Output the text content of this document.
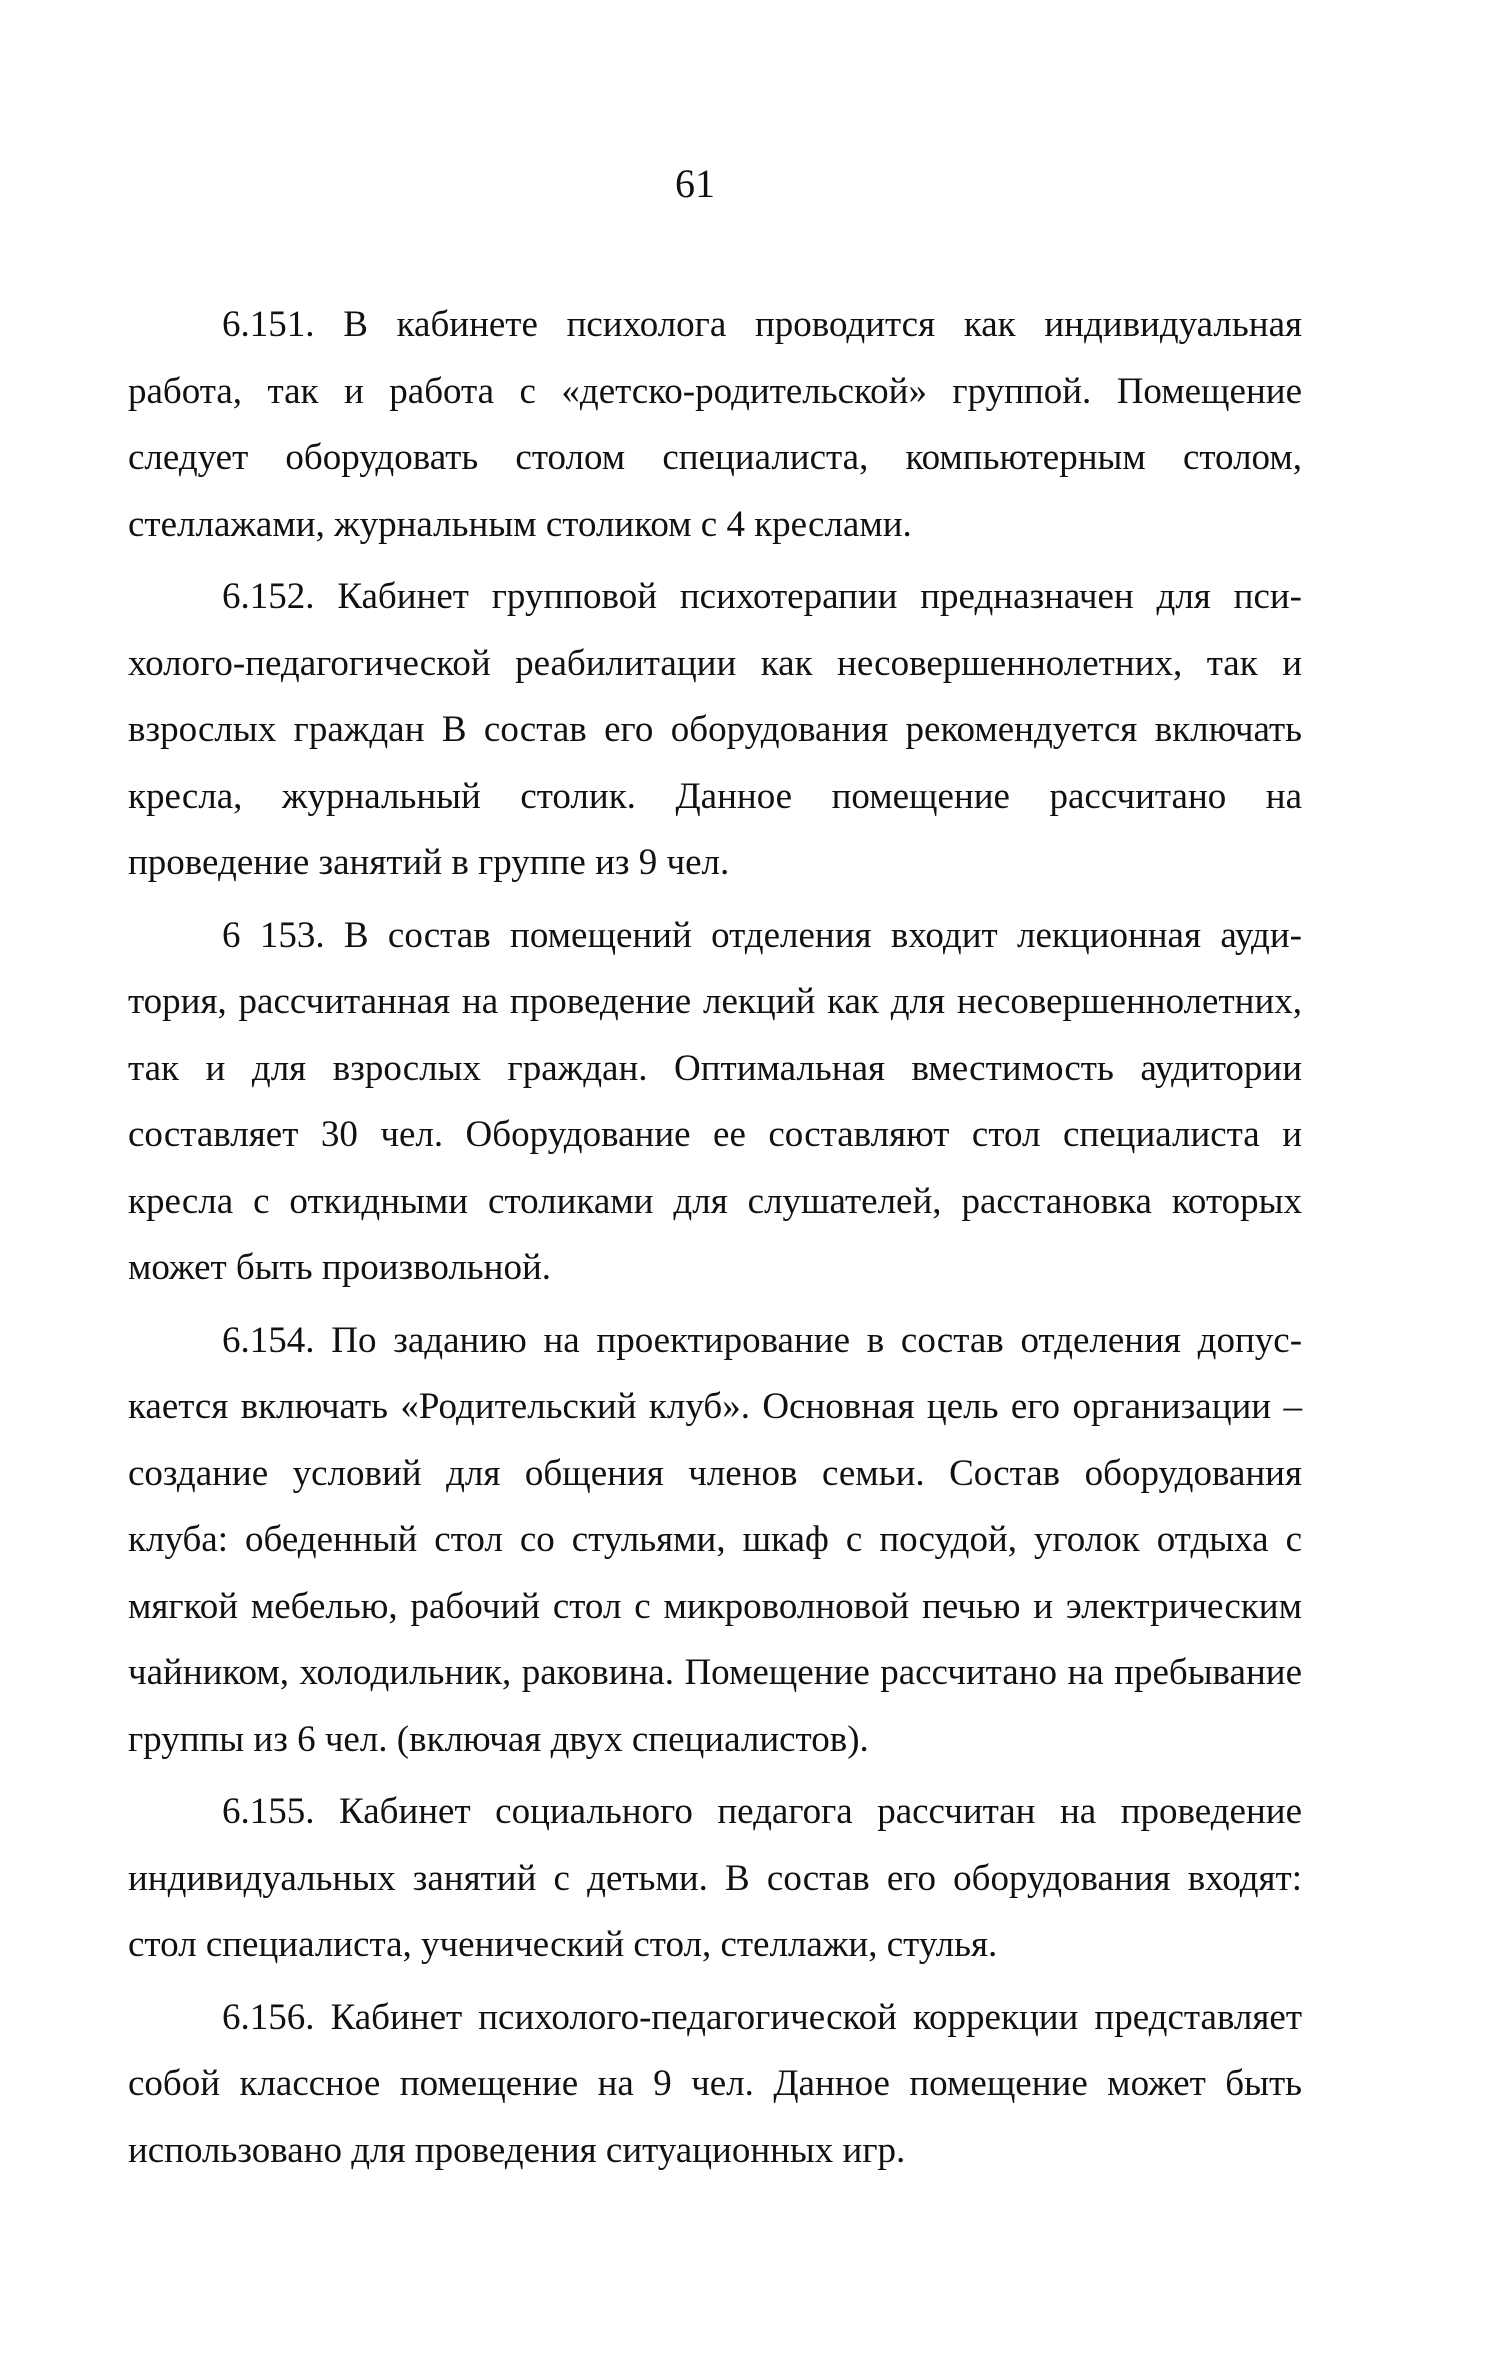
61

6.151. В кабинете психолога проводится как индивидуальная работа, так и работа с «детско-родительской» группой. Помещение следует оборудовать столом специалиста, компьютерным столом, стеллажами, журнальным столиком с 4 креслами.

6.152. Кабинет групповой психотерапии предназначен для психолого-педагогической реабилитации как несовершеннолетних, так и взрослых граждан В состав его оборудования рекомендуется включать кресла, журнальный столик. Данное помещение рассчитано на проведение занятий в группе из 9 чел.

6 153. В состав помещений отделения входит лекционная аудитория, рассчитанная на проведение лекций как для несовершеннолетних, так и для взрослых граждан. Оптимальная вместимость аудитории составляет 30 чел. Оборудование ее составляют стол специалиста и кресла с откидными столиками для слушателей, расстановка которых может быть произвольной.

6.154. По заданию на проектирование в состав отделения допускается включать «Родительский клуб». Основная цель его организации – создание условий для общения членов семьи. Состав оборудования клуба: обеденный стол со стульями, шкаф с посудой, уголок отдыха с мягкой мебелью, рабочий стол с микроволновой печью и электрическим чайником, холодильник, раковина. Помещение рассчитано на пребывание группы из 6 чел. (включая двух специалистов).

6.155. Кабинет социального педагога рассчитан на проведение индивидуальных занятий с детьми. В состав его оборудования входят: стол специалиста, ученический стол, стеллажи, стулья.

6.156. Кабинет психолого-педагогической коррекции представляет собой классное помещение на 9 чел. Данное помещение может быть использовано для проведения ситуационных игр.
